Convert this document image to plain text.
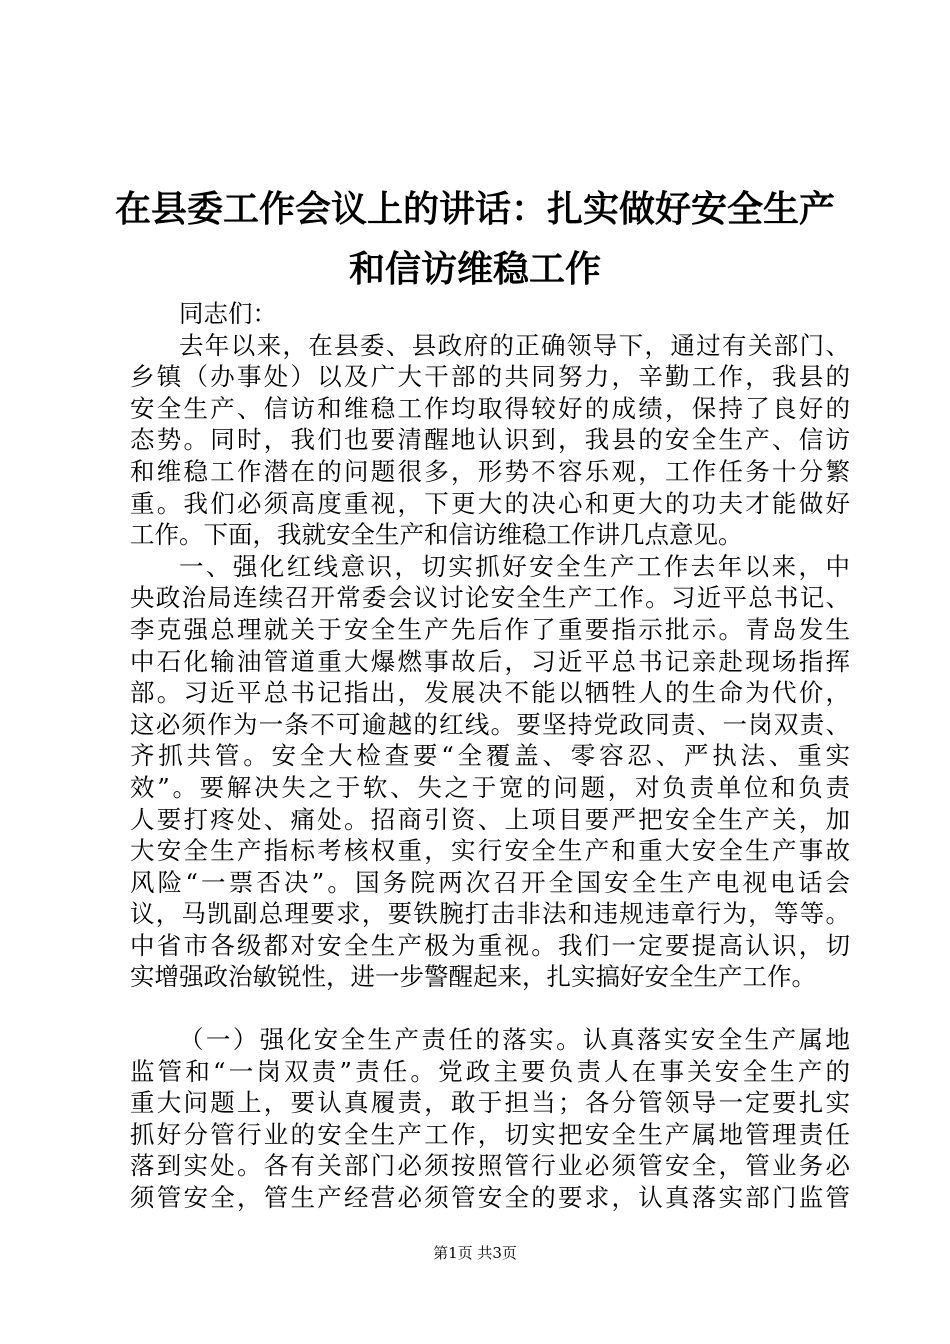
在县委工作会议上的讲话：扎实做好安全生产
和信访维稳工作
同志们：
去年以来，在县委、县政府的正确领导下，通过有关部门、
乡镇（办事处）以及广大干部的共同努力，辛勤工作，我县的
安全生产、信访和维稳工作均取得较好的成绩，保持了良好的
态势。同时，我们也要清醒地认识到，我县的安全生产、信访
和维稳工作潜在的问题很多，形势不容乐观，工作任务十分繁
重。我们必须高度重视，下更大的决心和更大的功夫才能做好
工作。下面，我就安全生产和信访维稳工作讲几点意见。
一、强化红线意识，切实抓好安全生产工作去年以来，中
央政治局连续召开常委会议讨论安全生产工作。习近平总书记、
李克强总理就关于安全生产先后作了重要指示批示。青岛发生
中石化输油管道重大爆燃事故后，习近平总书记亲赴现场指挥
部。习近平总书记指出，发展决不能以牺牲人的生命为代价，
这必须作为一条不可逾越的红线。要坚持党政同责、一岗双责、
齐抓共管。安全大检查要“全覆盖、零容忍、严执法、重实
效”。要解决失之于软、失之于宽的问题，对负责单位和负责
人要打疼处、痛处。招商引资、上项目要严把安全生产关，加
大安全生产指标考核权重，实行安全生产和重大安全生产事故
风险“一票否决”。国务院两次召开全国安全生产电视电话会
议，马凯副总理要求，要铁腕打击非法和违规违章行为，等等。
中省市各级都对安全生产极为重视。我们一定要提高认识，切
实增强政治敏锐性，进一步警醒起来，扎实搞好安全生产工作。
（一）强化安全生产责任的落实。认真落实安全生产属地
监管和“一岗双责”责任。党政主要负责人在事关安全生产的
重大问题上，要认真履责，敢于担当；各分管领导一定要扎实
抓好分管行业的安全生产工作，切实把安全生产属地管理责任
落到实处。各有关部门必须按照管行业必须管安全，管业务必
须管安全，管生产经营必须管安全的要求，认真落实部门监管
第1页 共3页
